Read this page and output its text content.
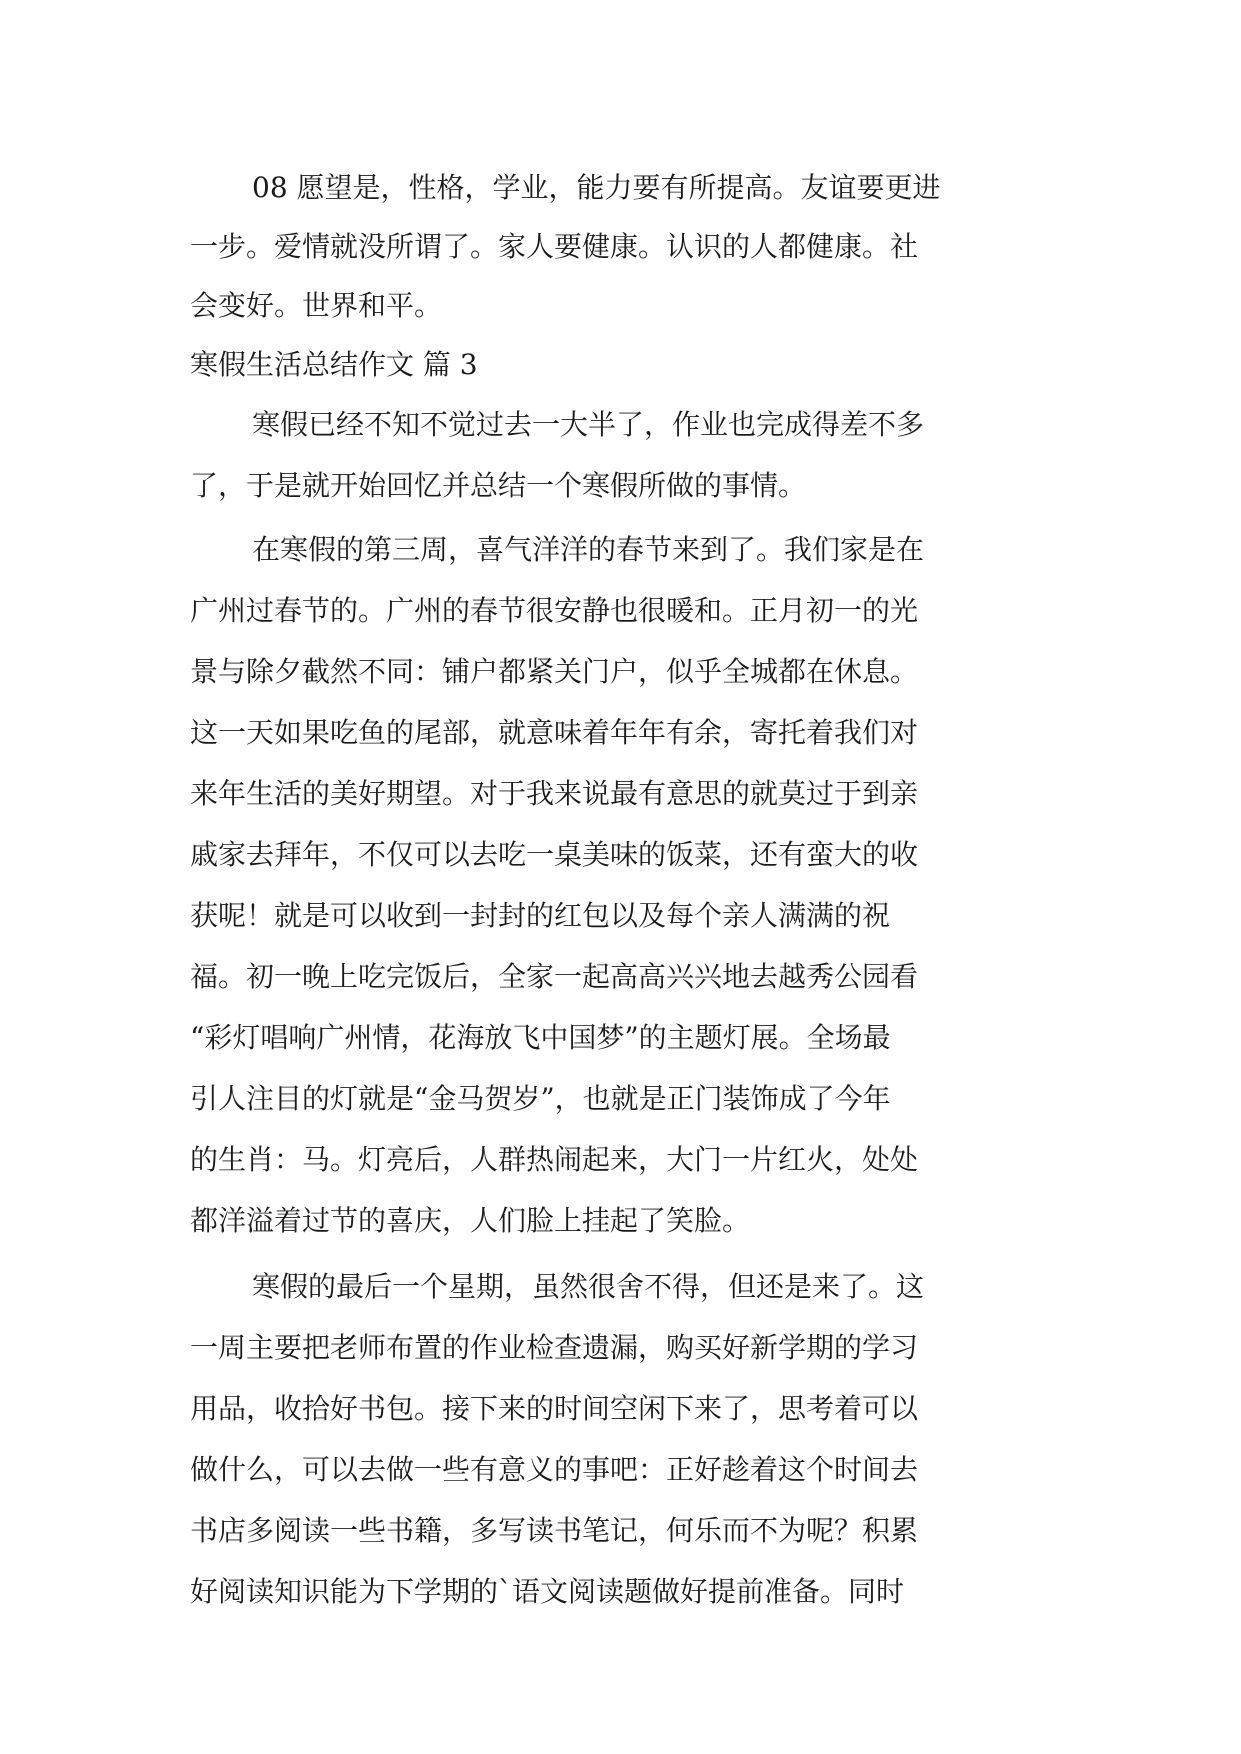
08 愿望是，性格，学业，能力要有所提高。友谊要更进
一步。爱情就没所谓了。家人要健康。认识的人都健康。社
会变好。世界和平。
寒假生活总结作文 篇 3
寒假已经不知不觉过去一大半了，作业也完成得差不多
了，于是就开始回忆并总结一个寒假所做的事情。
在寒假的第三周，喜气洋洋的春节来到了。我们家是在
广州过春节的。广州的春节很安静也很暖和。正月初一的光
景与除夕截然不同：铺户都紧关门户，似乎全城都在休息。
这一天如果吃鱼的尾部，就意味着年年有余，寄托着我们对
来年生活的美好期望。对于我来说最有意思的就莫过于到亲
戚家去拜年，不仅可以去吃一桌美味的饭菜，还有蛮大的收
获呢！就是可以收到一封封的红包以及每个亲人满满的祝
福。初一晚上吃完饭后，全家一起高高兴兴地去越秀公园看
“彩灯唱响广州情，花海放飞中国梦”的主题灯展。全场最
引人注目的灯就是“金马贺岁”，也就是正门装饰成了今年
的生肖：马。灯亮后，人群热闹起来，大门一片红火，处处
都洋溢着过节的喜庆，人们脸上挂起了笑脸。
寒假的最后一个星期，虽然很舍不得，但还是来了。这
一周主要把老师布置的作业检查遗漏，购买好新学期的学习
用品，收拾好书包。接下来的时间空闲下来了，思考着可以
做什么，可以去做一些有意义的事吧：正好趁着这个时间去
书店多阅读一些书籍，多写读书笔记，何乐而不为呢？积累
好阅读知识能为下学期的`语文阅读题做好提前准备。同时
